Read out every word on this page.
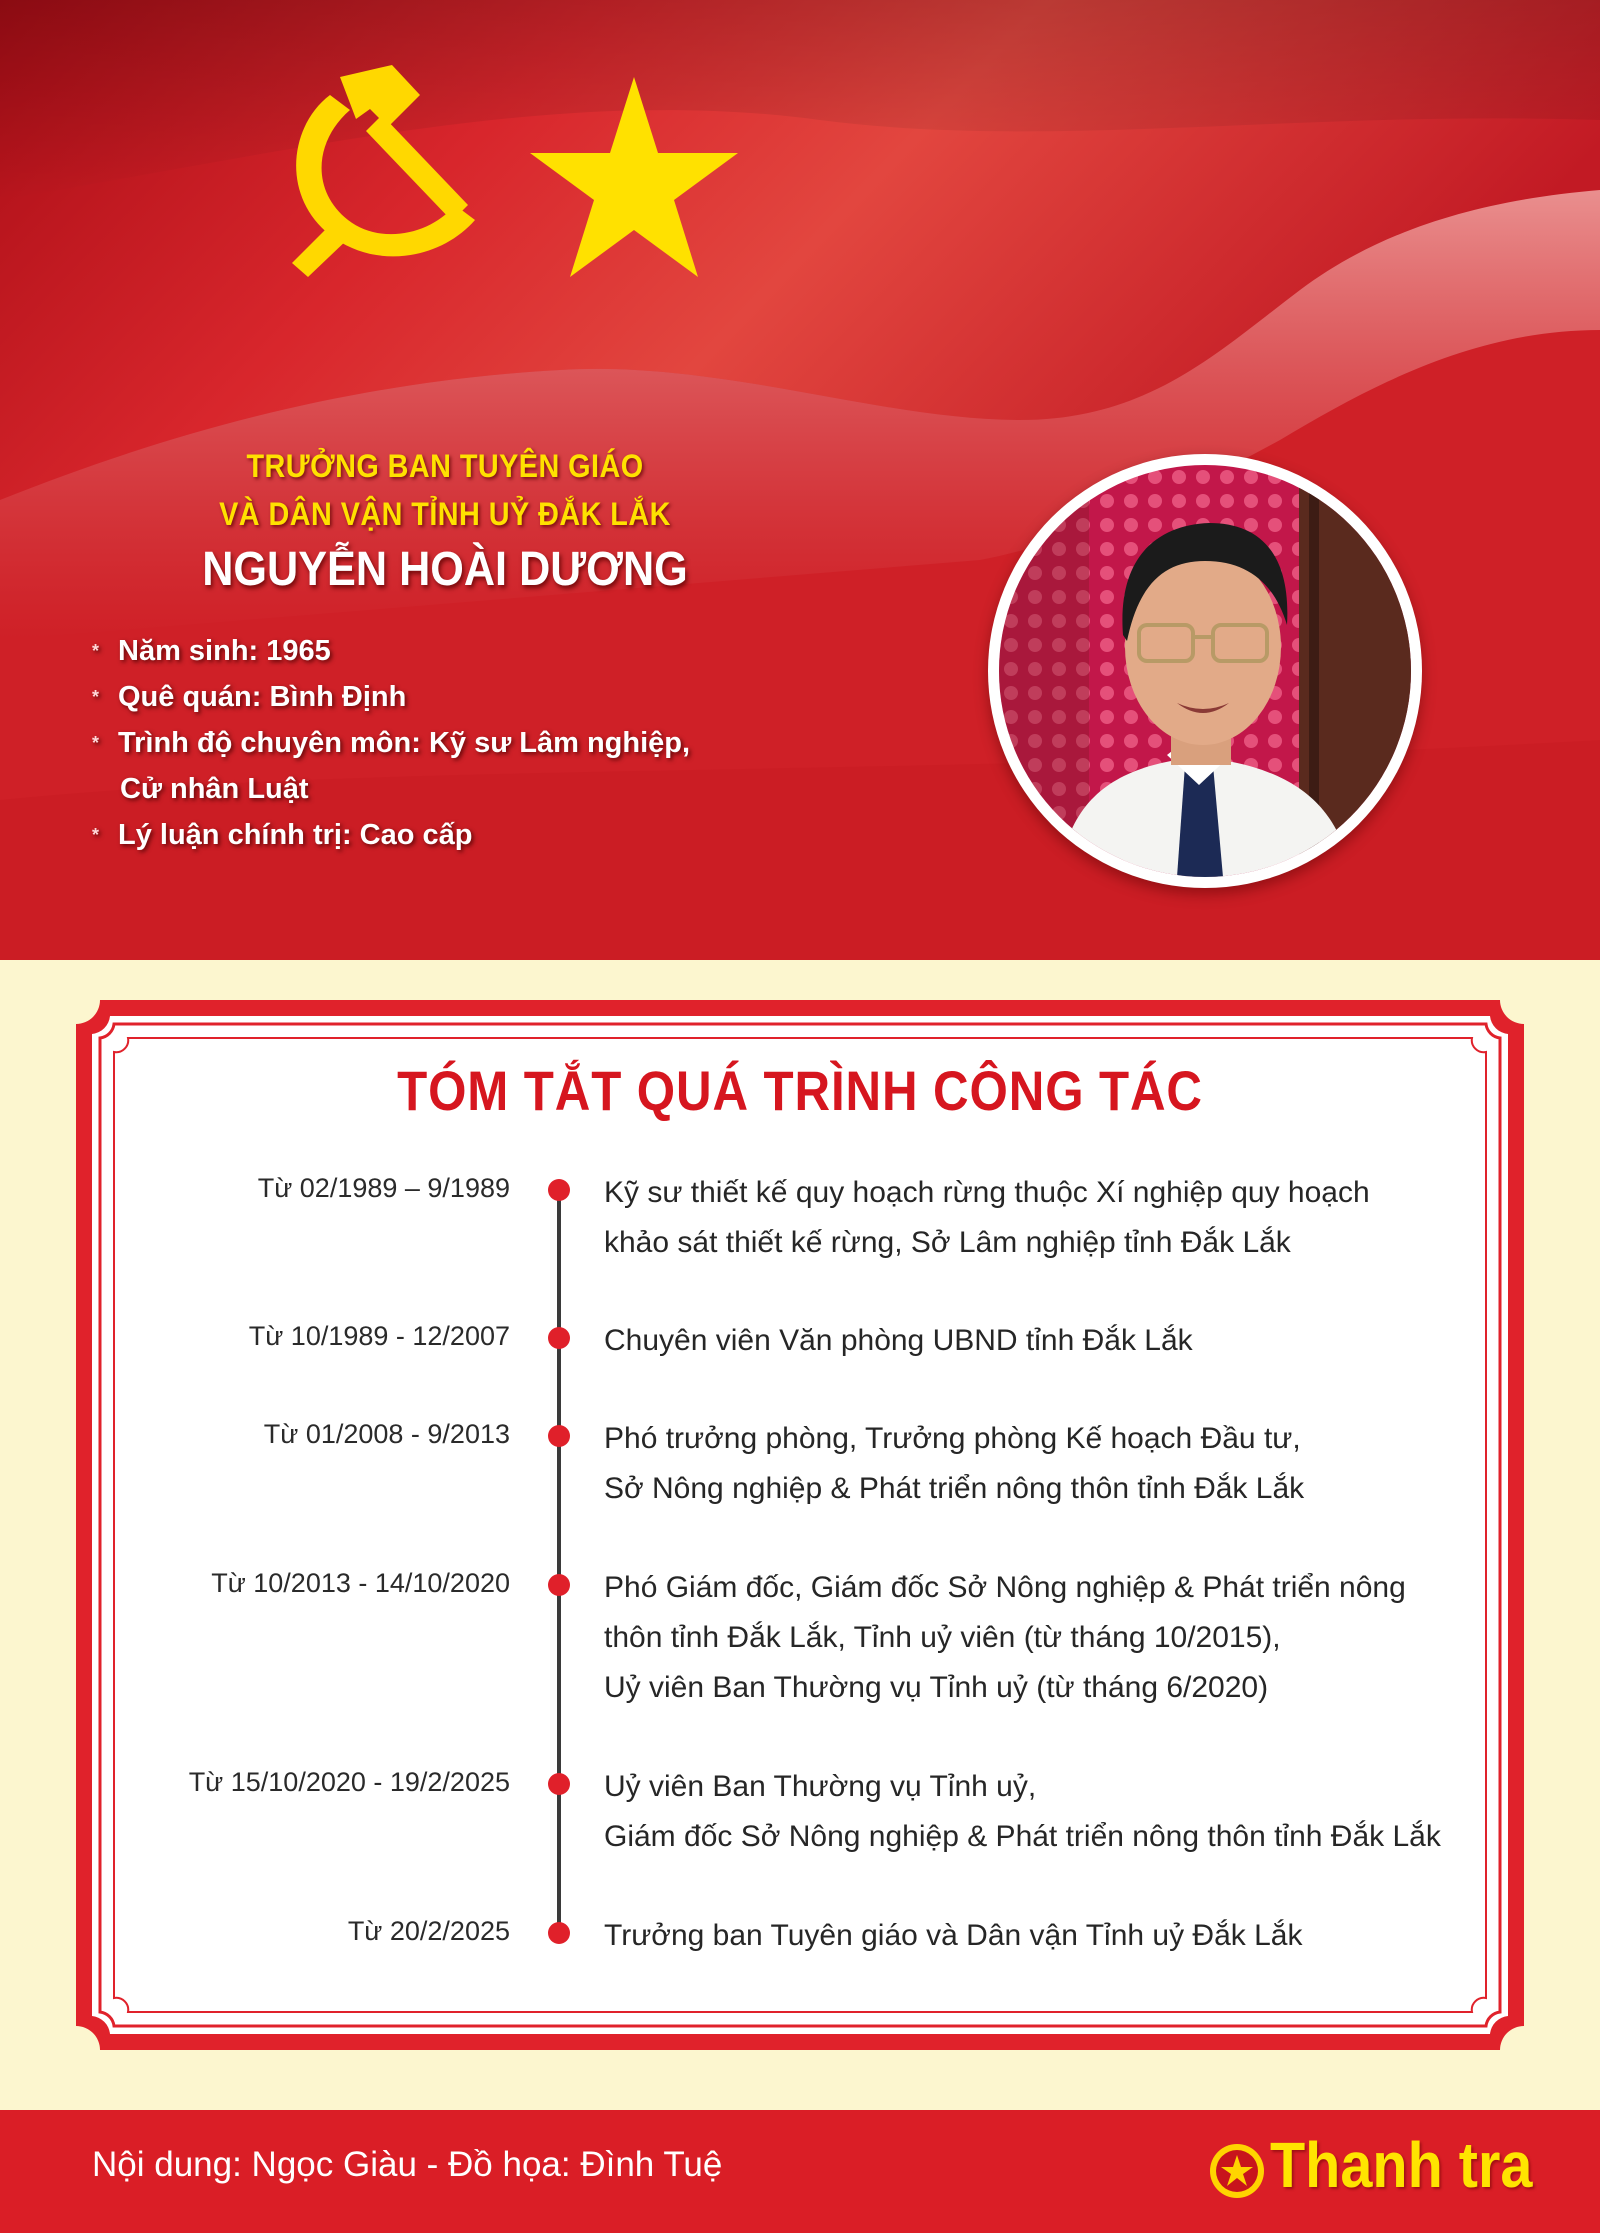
TRƯỞNG BAN TUYÊN GIÁO
VÀ DÂN VẬN TỈNH UỶ ĐẮK LẮK
NGUYỄN HOÀI DƯƠNG
* Năm sinh: 1965
* Quê quán: Bình Định
* Trình độ chuyên môn: Kỹ sư Lâm nghiệp,
Cử nhân Luật
* Lý luận chính trị: Cao cấp
TÓM TẮT QUÁ TRÌNH CÔNG TÁC
Từ 02/1989 – 9/1989	Kỹ sư thiết kế quy hoạch rừng thuộc Xí nghiệp quy hoạch
khảo sát thiết kế rừng, Sở Lâm nghiệp tỉnh Đắk Lắk

Từ 10/1989 - 12/2007	Chuyên viên Văn phòng UBND tỉnh Đắk Lắk

Từ 01/2008 - 9/2013	Phó trưởng phòng, Trưởng phòng Kế hoạch Đầu tư,
Sở Nông nghiệp & Phát triển nông thôn tỉnh Đắk Lắk

Từ 10/2013 - 14/10/2020	Phó Giám đốc, Giám đốc Sở Nông nghiệp & Phát triển nông
thôn tỉnh Đắk Lắk, Tỉnh uỷ viên (từ tháng 10/2015),
Uỷ viên Ban Thường vụ Tỉnh uỷ (từ tháng 6/2020)

Từ 15/10/2020 - 19/2/2025	Uỷ viên Ban Thường vụ Tỉnh uỷ,
Giám đốc Sở Nông nghiệp & Phát triển nông thôn tỉnh Đắk Lắk

Từ 20/2/2025	Trưởng ban Tuyên giáo và Dân vận Tỉnh uỷ Đắk Lắk

Nội dung: Ngọc Giàu - Đồ họa: Đình Tuệ	Thanh tra
